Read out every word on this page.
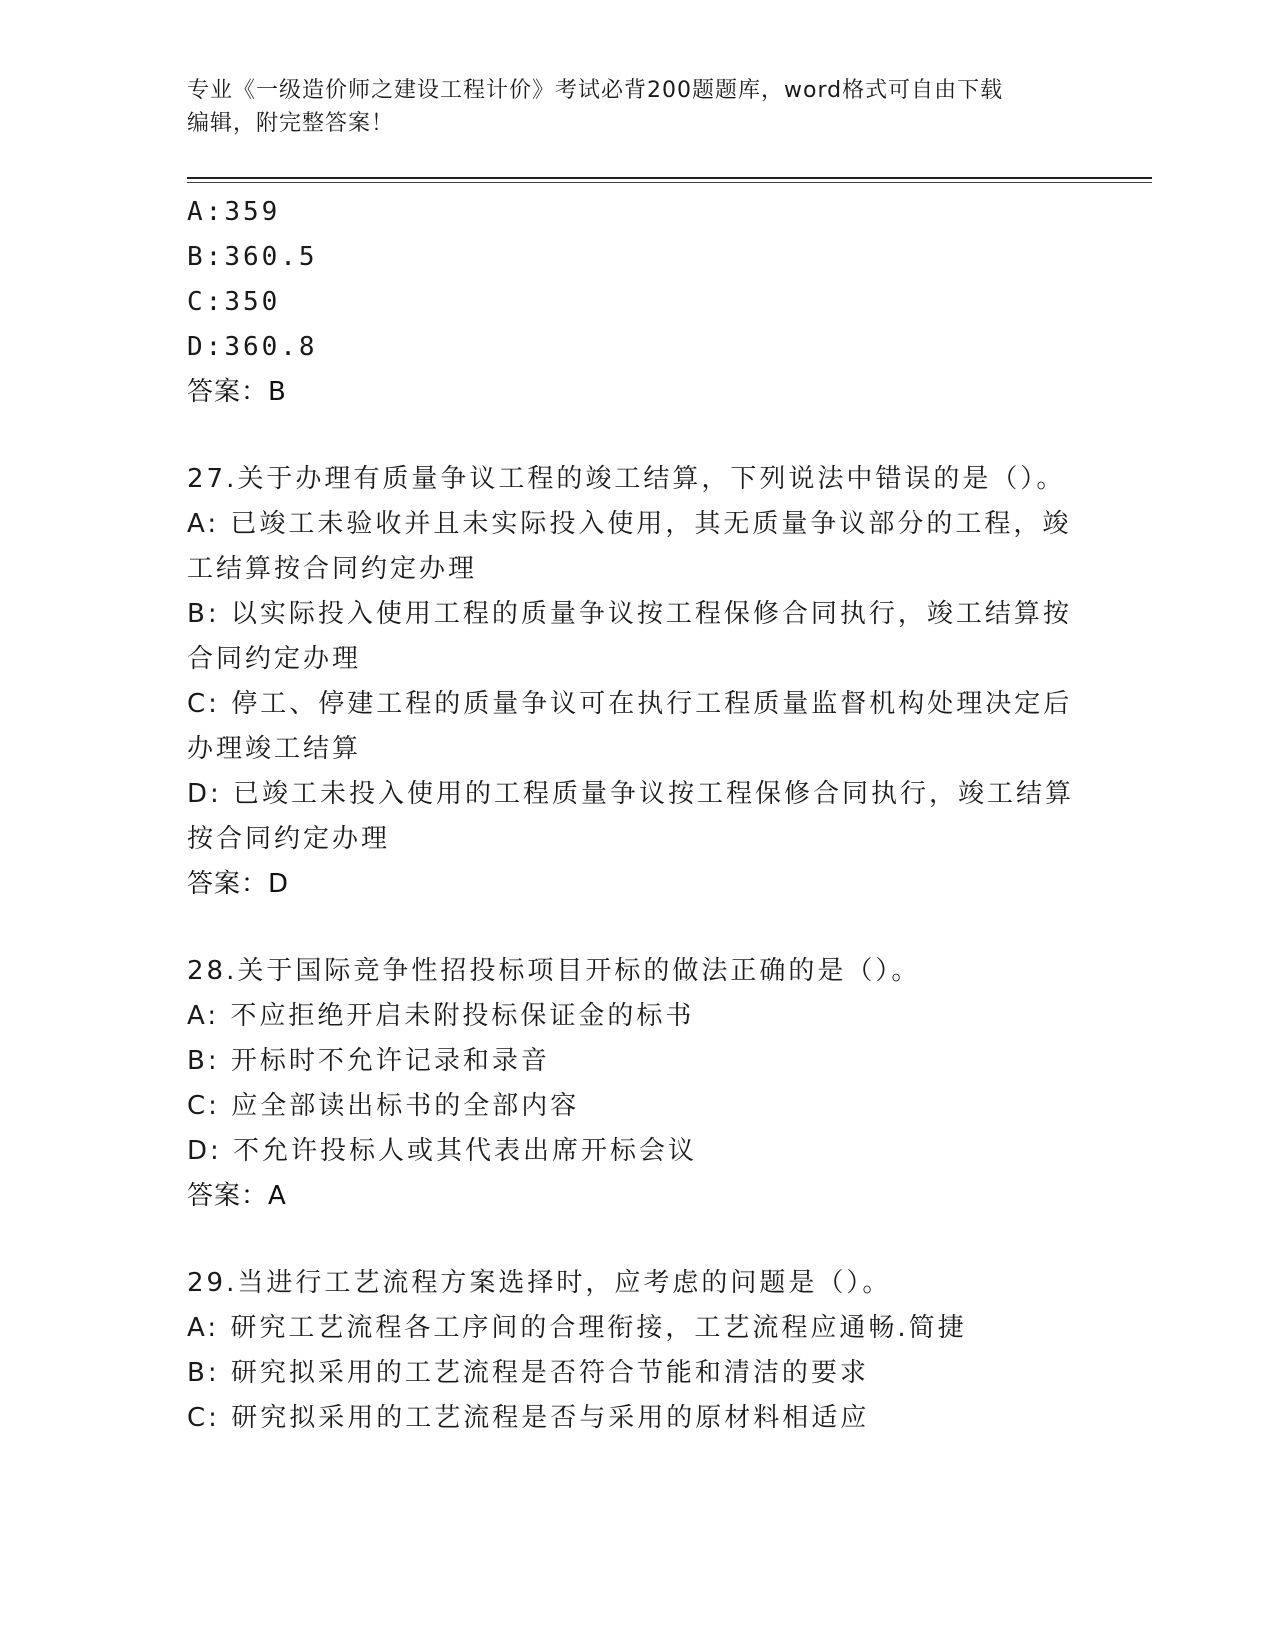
专业《一级造价师之建设工程计价》考试必背200题题库，word格式可自由下载
编辑，附完整答案！
A:359
B:360.5
C:350
D:360.8
答案：B
27.关于办理有质量争议工程的竣工结算，下列说法中错误的是（）。
A: 已竣工未验收并且未实际投入使用，其无质量争议部分的工程，竣
工结算按合同约定办理
B: 以实际投入使用工程的质量争议按工程保修合同执行，竣工结算按
合同约定办理
C: 停工、停建工程的质量争议可在执行工程质量监督机构处理决定后
办理竣工结算
D: 已竣工未投入使用的工程质量争议按工程保修合同执行，竣工结算
按合同约定办理
答案：D
28.关于国际竞争性招投标项目开标的做法正确的是（）。
A: 不应拒绝开启未附投标保证金的标书
B: 开标时不允许记录和录音
C: 应全部读出标书的全部内容
D: 不允许投标人或其代表出席开标会议
答案：A
29.当进行工艺流程方案选择时，应考虑的问题是（）。
A: 研究工艺流程各工序间的合理衔接，工艺流程应通畅.简捷
B: 研究拟采用的工艺流程是否符合节能和清洁的要求
C: 研究拟采用的工艺流程是否与采用的原材料相适应
